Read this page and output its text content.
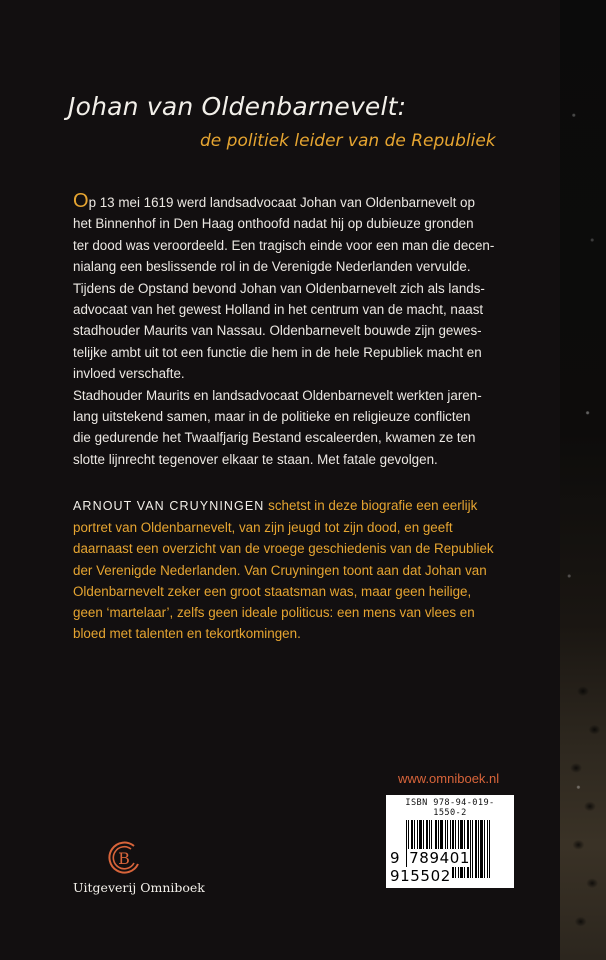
Johan van Oldenbarnevelt:
de politiek leider van de Republiek
Op 13 mei 1619 werd landsadvocaat Johan van Oldenbarnevelt op
het Binnenhof in Den Haag onthoofd nadat hij op dubieuze gronden
ter dood was veroordeeld. Een tragisch einde voor een man die decen-
nialang een beslissende rol in de Verenigde Nederlanden vervulde.
Tijdens de Opstand bevond Johan van Oldenbarnevelt zich als lands-
advocaat van het gewest Holland in het centrum van de macht, naast
stadhouder Maurits van Nassau. Oldenbarnevelt bouwde zijn gewes-
telijke ambt uit tot een functie die hem in de hele Republiek macht en
invloed verschafte.
Stadhouder Maurits en landsadvocaat Oldenbarnevelt werkten jaren-
lang uitstekend samen, maar in de politieke en religieuze conflicten
die gedurende het Twaalfjarig Bestand escaleerden, kwamen ze ten
slotte lijnrecht tegenover elkaar te staan. Met fatale gevolgen.
ARNOUT VAN CRUYNINGEN schetst in deze biografie een eerlijk
portret van Oldenbarnevelt, van zijn jeugd tot zijn dood, en geeft
daarnaast een overzicht van de vroege geschiedenis van de Republiek
der Verenigde Nederlanden. Van Cruyningen toont aan dat Johan van
Oldenbarnevelt zeker een groot staatsman was, maar geen heilige,
geen ‘martelaar’, zelfs geen ideale politicus: een mens van vlees en
bloed met talenten en tekortkomingen.
www.omniboek.nl
ISBN 978-94-019-1550-2
9 789401 915502
B
Uitgeverij Omniboek
